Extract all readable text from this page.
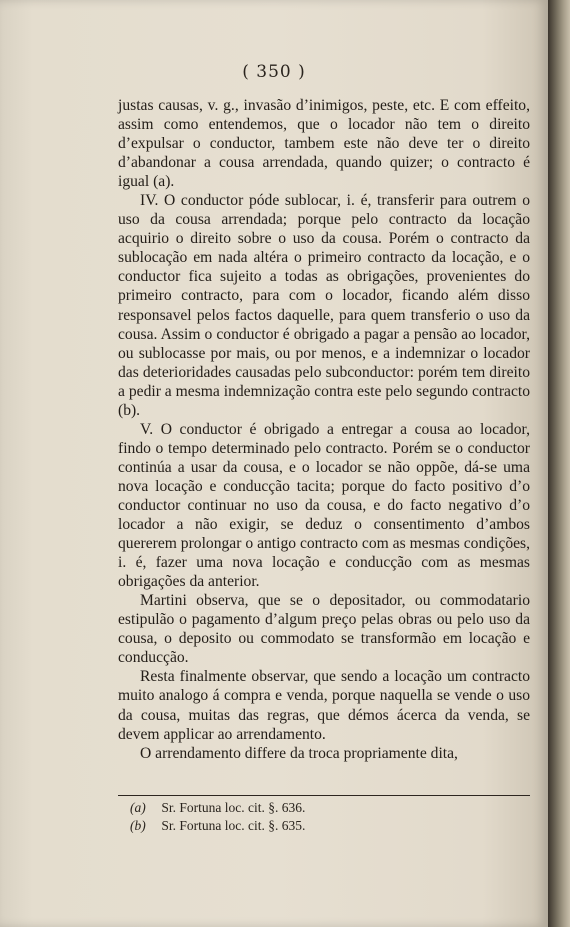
( 350 )

justas causas, v. g., invasão d’inimigos, peste, etc. E com effeito, assim como entendemos, que o locador não tem o direito d’expulsar o conductor, tambem este não deve ter o direito d’abandonar a cousa arrendada, quando quizer; o contracto é igual (a).

IV. O conductor póde sublocar, i. é, transferir para outrem o uso da cousa arrendada; porque pelo contracto da locação acquirio o direito sobre o uso da cousa. Porém o contracto da sublocação em nada altéra o primeiro contracto da locação, e o conductor fica sujeito a todas as obrigações, provenientes do primeiro contracto, para com o locador, ficando além disso responsavel pelos factos daquelle, para quem transferio o uso da cousa. Assim o conductor é obrigado a pagar a pensão ao locador, ou sublocasse por mais, ou por menos, e a indemnizar o locador das deterioridades causadas pelo subconductor: porém tem direito a pedir a mesma indemnização contra este pelo segundo contracto (b).

V. O conductor é obrigado a entregar a cousa ao locador, findo o tempo determinado pelo contracto. Porém se o conductor continúa a usar da cousa, e o locador se não oppõe, dá-se uma nova locação e conducção tacita; porque do facto positivo d’o conductor continuar no uso da cousa, e do facto negativo d’o locador a não exigir, se deduz o consentimento d’ambos quererem prolongar o antigo contracto com as mesmas condições, i. é, fazer uma nova locação e conducção com as mesmas obrigações da anterior.

Martini observa, que se o depositador, ou commodatario estipulão o pagamento d’algum preço pelas obras ou pelo uso da cousa, o deposito ou commodato se transformão em locação e conducção.

Resta finalmente observar, que sendo a locação um contracto muito analogo á compra e venda, porque naquella se vende o uso da cousa, muitas das regras, que démos ácerca da venda, se devem applicar ao arrendamento.

O arrendamento differe da troca propriamente dita,

(a) Sr. Fortuna loc. cit. §. 636.
(b) Sr. Fortuna loc. cit. §. 635.
